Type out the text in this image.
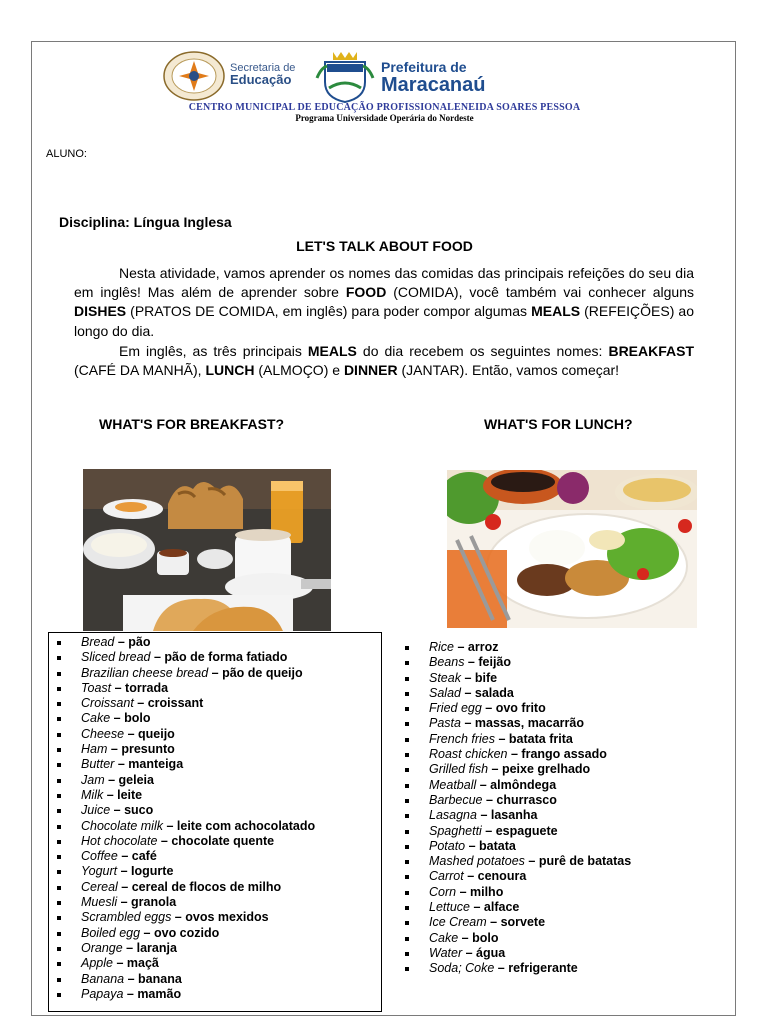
Secretaria de
Educação
Prefeitura de
Maracanaú
CENTRO MUNICIPAL DE EDUCAÇÃO PROFISSIONALENEIDA SOARES PESSOA
Programa Universidade Operária do Nordeste
ALUNO:
Disciplina: Língua Inglesa
LET'S TALK ABOUT FOOD
Nesta atividade, vamos aprender os nomes das comidas das principais refeições do seu dia em inglês! Mas além de aprender sobre FOOD (COMIDA), você também vai conhecer alguns DISHES (PRATOS DE COMIDA, em inglês) para poder compor algumas MEALS (REFEIÇÕES) ao longo do dia.
Em inglês, as três principais MEALS do dia recebem os seguintes nomes: BREAKFAST (CAFÉ DA MANHÃ), LUNCH (ALMOÇO) e DINNER (JANTAR). Então, vamos começar!
WHAT'S FOR BREAKFAST?	WHAT'S FOR LUNCH?
Bread – pão
Sliced bread – pão de forma fatiado
Brazilian cheese bread – pão de queijo
Toast – torrada
Croissant – croissant
Cake – bolo
Cheese – queijo
Ham – presunto
Butter – manteiga
Jam – geleia
Milk – leite
Juice – suco
Chocolate milk – leite com achocolatado
Hot chocolate – chocolate quente
Coffee – café
Yogurt – Iogurte
Cereal – cereal de flocos de milho
Muesli – granola
Scrambled eggs – ovos mexidos
Boiled egg – ovo cozido
Orange – laranja
Apple – maçã
Banana – banana
Papaya – mamão
Rice – arroz
Beans – feijão
Steak – bife
Salad – salada
Fried egg – ovo frito
Pasta – massas, macarrão
French fries – batata frita
Roast chicken – frango assado
Grilled fish – peixe grelhado
Meatball – almôndega
Barbecue – churrasco
Lasagna – lasanha
Spaghetti – espaguete
Potato – batata
Mashed potatoes – purê de batatas
Carrot – cenoura
Corn – milho
Lettuce – alface
Ice Cream – sorvete
Cake – bolo
Water – água
Soda; Coke – refrigerante
